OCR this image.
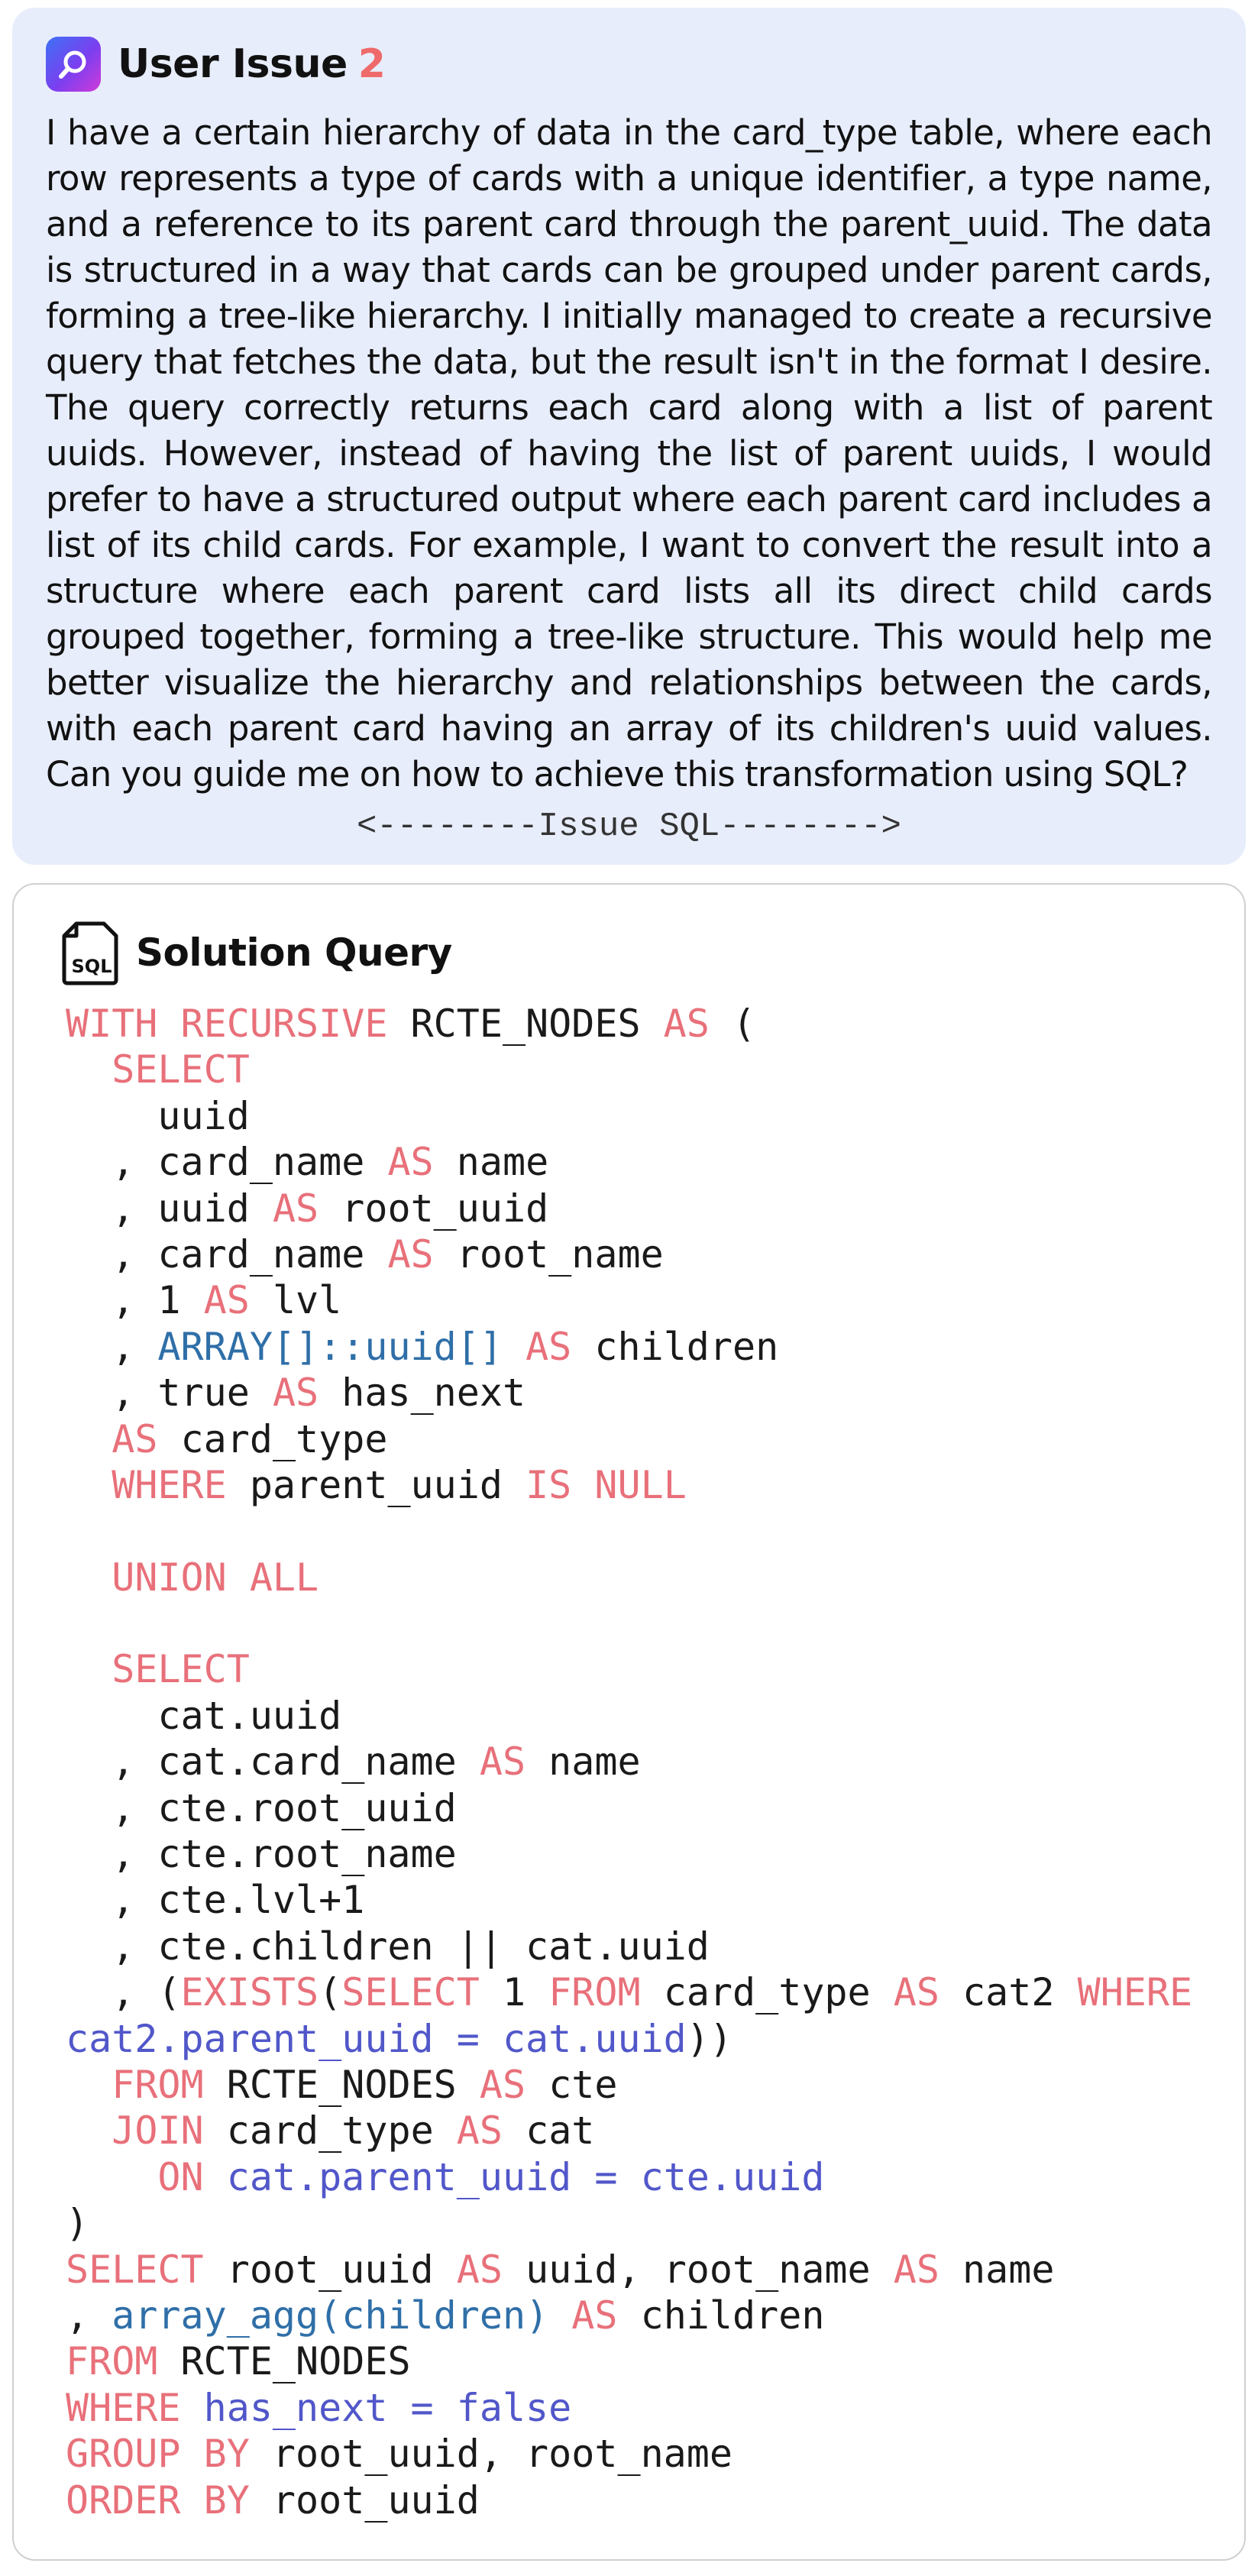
User Issue 2
I have a certain hierarchy of data in the card_type table, where each row represents a type of cards with a unique identifier, a type name, and a reference to its parent card through the parent_uuid. The data is structured in a way that cards can be grouped under parent cards, forming a tree-like hierarchy. I initially managed to create a recursive query that fetches the data, but the result isn't in the format I desire. The query correctly returns each card along with a list of parent uuids. However, instead of having the list of parent uuids, I would prefer to have a structured output where each parent card includes a list of its child cards. For example, I want to convert the result into a structure where each parent card lists all its direct child cards grouped together, forming a tree-like structure. This would help me better visualize the hierarchy and relationships between the cards, with each parent card having an array of its children's uuid values. Can you guide me on how to achieve this transformation using SQL?
<--------Issue SQL-------->
SQL Solution Query
WITH RECURSIVE RCTE_NODES AS (
SELECT
uuid
, card_name AS name
, uuid AS root_uuid
, card_name AS root_name
, 1 AS lvl
, ARRAY[]::uuid[] AS children
, true AS has_next
AS card_type
WHERE parent_uuid IS NULL
UNION ALL
SELECT
cat.uuid
, cat.card_name AS name
, cte.root_uuid
, cte.root_name
, cte.lvl+1
, cte.children || cat.uuid
, (EXISTS(SELECT 1 FROM card_type AS cat2 WHERE
cat2.parent_uuid = cat.uuid))
FROM RCTE_NODES AS cte
JOIN card_type AS cat
ON cat.parent_uuid = cte.uuid
)
SELECT root_uuid AS uuid, root_name AS name
, array_agg(children) AS children
FROM RCTE_NODES
WHERE has_next = false
GROUP BY root_uuid, root_name
ORDER BY root_uuid
